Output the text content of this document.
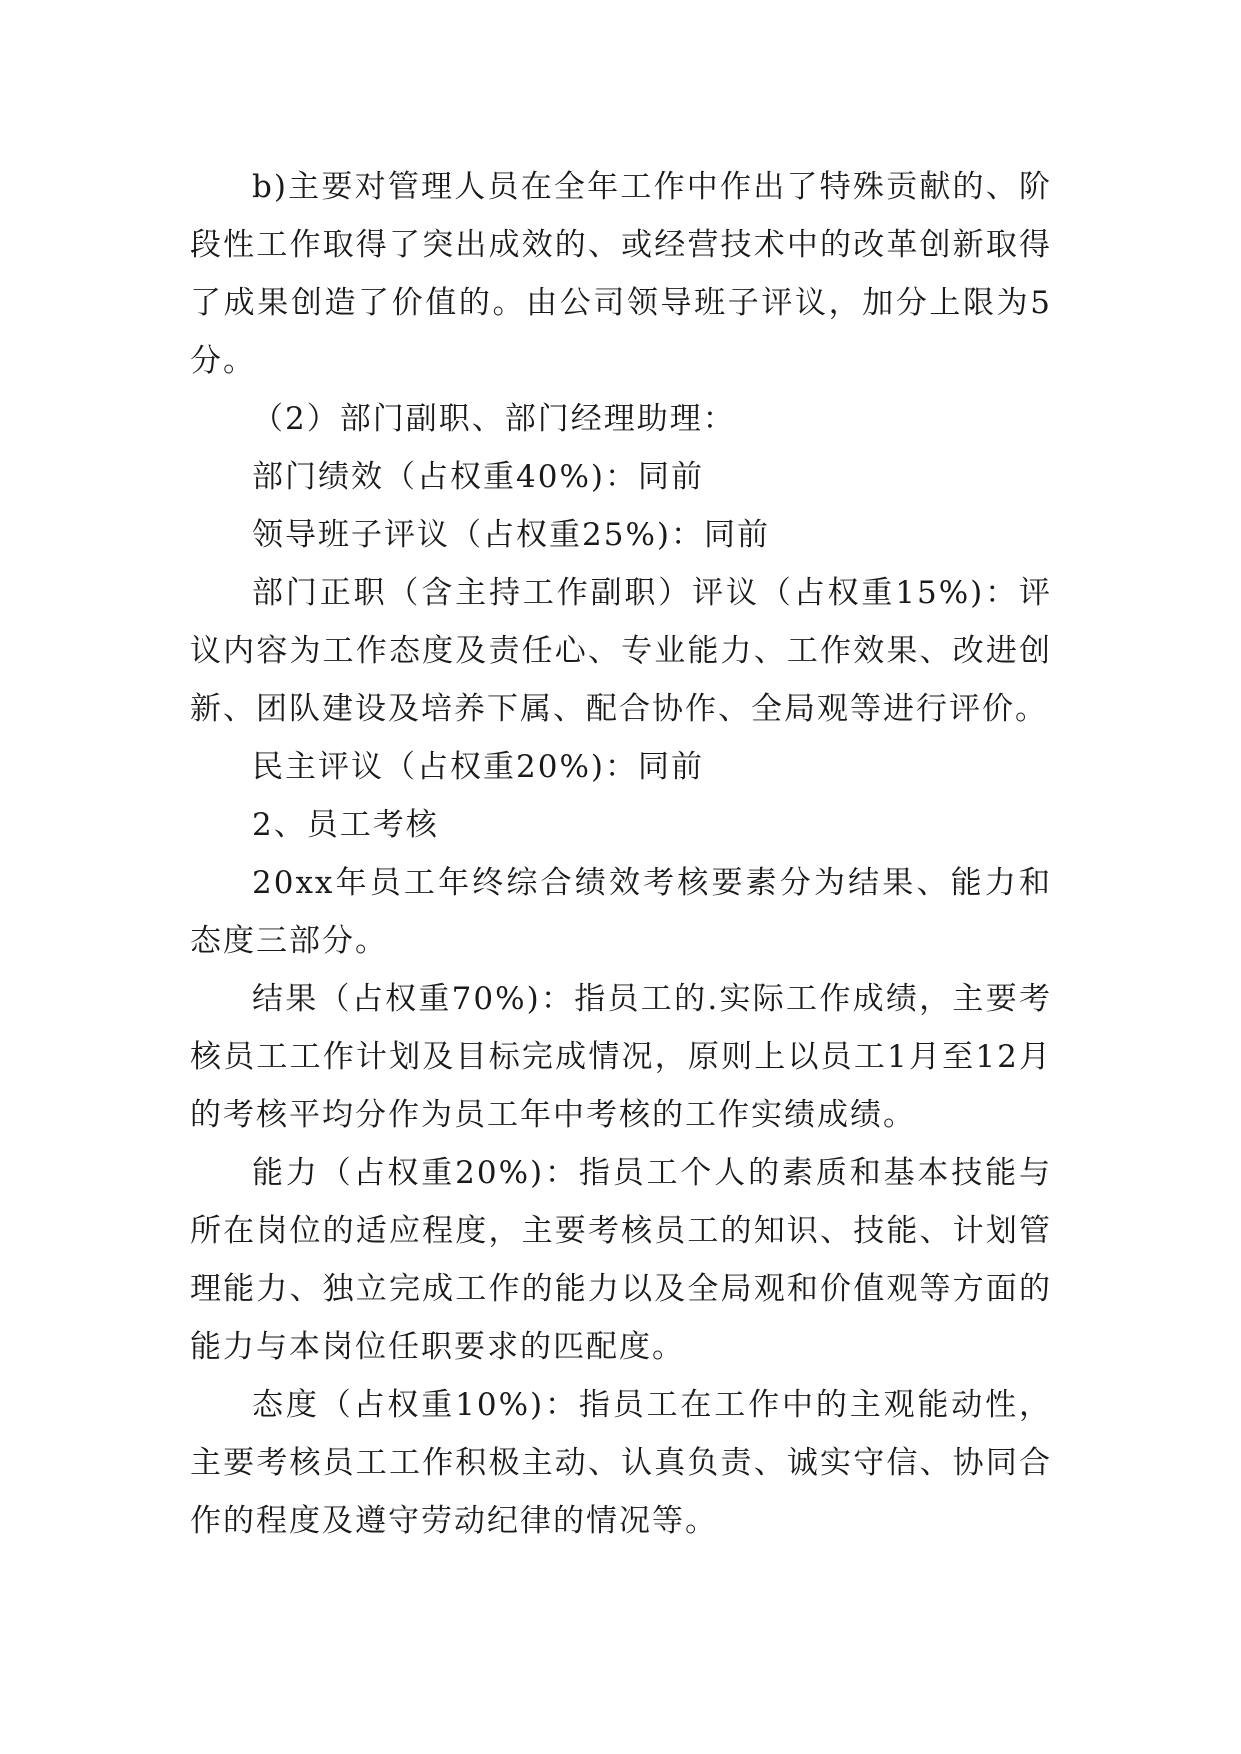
b)主要对管理人员在全年工作中作出了特殊贡献的、阶段性工作取得了突出成效的、或经营技术中的改革创新取得了成果创造了价值的。由公司领导班子评议，加分上限为5分。

（2）部门副职、部门经理助理：

部门绩效（占权重40%)：同前

领导班子评议（占权重25%)：同前

部门正职（含主持工作副职）评议（占权重15%)：评议内容为工作态度及责任心、专业能力、工作效果、改进创新、团队建设及培养下属、配合协作、全局观等进行评价。

民主评议（占权重20%)：同前

2、员工考核

20xx年员工年终综合绩效考核要素分为结果、能力和态度三部分。

结果（占权重70%)：指员工的.实际工作成绩，主要考核员工工作计划及目标完成情况，原则上以员工1月至12月的考核平均分作为员工年中考核的工作实绩成绩。

能力（占权重20%)：指员工个人的素质和基本技能与所在岗位的适应程度，主要考核员工的知识、技能、计划管理能力、独立完成工作的能力以及全局观和价值观等方面的能力与本岗位任职要求的匹配度。

态度（占权重10%)：指员工在工作中的主观能动性，主要考核员工工作积极主动、认真负责、诚实守信、协同合作的程度及遵守劳动纪律的情况等。
